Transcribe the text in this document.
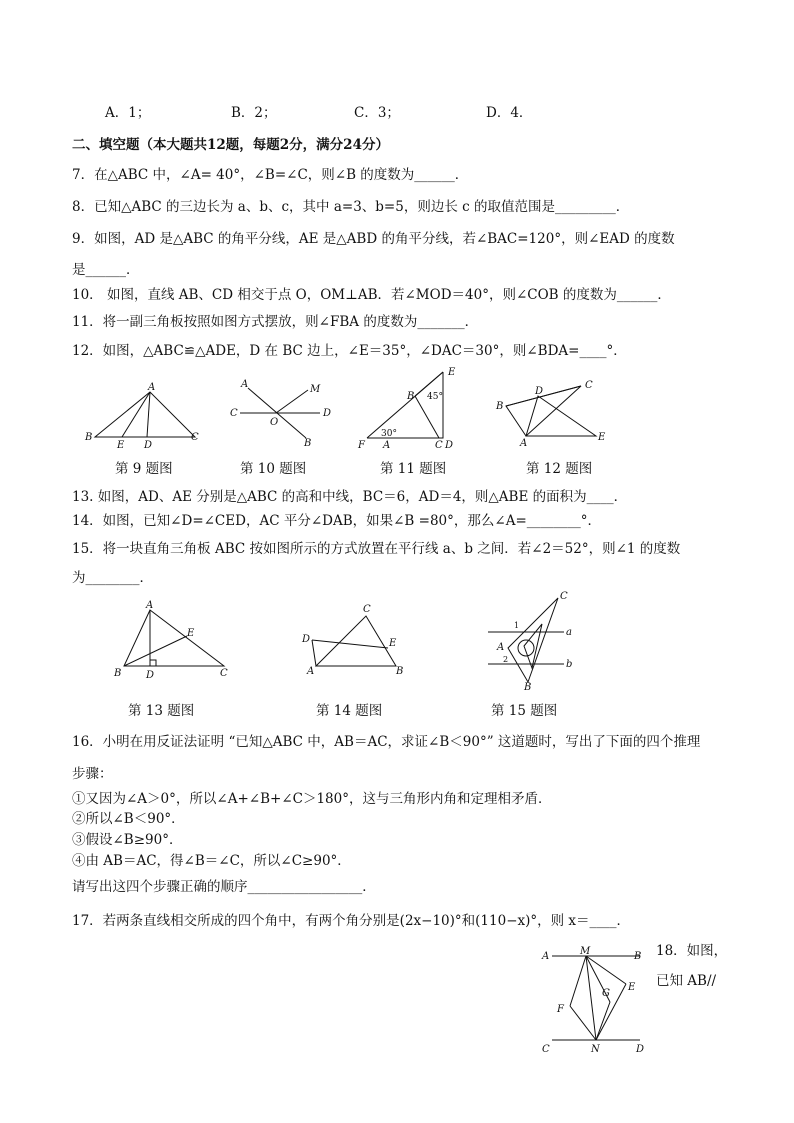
A．1；	B．2；	C．3；	D．4．
二、填空题（本大题共12题，每题2分，满分24分）
7．在△ABC 中，∠A= 40°，∠B=∠C，则∠B 的度数为______．
8．已知△ABC 的三边长为 a、b、c，其中 a=3、b=5，则边长 c 的取值范围是_________．
9．如图，AD 是△ABC 的角平分线，AE 是△ABD 的角平分线，若∠BAC=120°，则∠EAD 的度数
是______．
10． 如图，直线 AB、CD 相交于点 O，OM⊥AB．若∠MOD＝40°，则∠COB 的度数为______．
11．将一副三角板按照如图方式摆放，则∠FBA 的度数为_______．
12．如图，△ABC≌△ADE，D 在 BC 边上，∠E＝35°，∠DAC＝30°，则∠BDA=____°．
A
B
E D
C
A	M
C
O
D
B
E
B 45°
30°
F A	C D
C
D
B
A
E
第 9 题图	第 10 题图	第 11 题图	第 12 题图
13. 如图，AD、AE 分别是△ABC 的高和中线，BC＝6，AD＝4，则△ABE 的面积为____．
14．如图，已知∠D=∠CED，AC 平分∠DAB，如果∠B =80°，那么∠A=________°．
15．将一块直角三角板 ABC 按如图所示的方式放置在平行线 a、b 之间．若∠2＝52°，则∠1 的度数
为________．
A
E
B D	C
C
D	E
A	B
C
1
a
A
2	b
B
第 13 题图	第 14 题图	第 15 题图
16．小明在用反证法证明 “已知△ABC 中，AB＝AC，求证∠B＜90°” 这道题时，写出了下面的四个推理
步骤：
①又因为∠A＞0°，所以∠A+∠B+∠C＞180°，这与三角形内角和定理相矛盾．
②所以∠B＜90°．
③假设∠B≥90°．
④由 AB＝AC，得∠B＝∠C，所以∠C≥90°．
请写出这四个步骤正确的顺序_________________．
17．若两条直线相交所成的四个角中，有两个角分别是(2x−10)°和(110−x)°，则 x＝____．
A	M	B
G
E
F
C	N	D
18．如图，
已知 AB//
